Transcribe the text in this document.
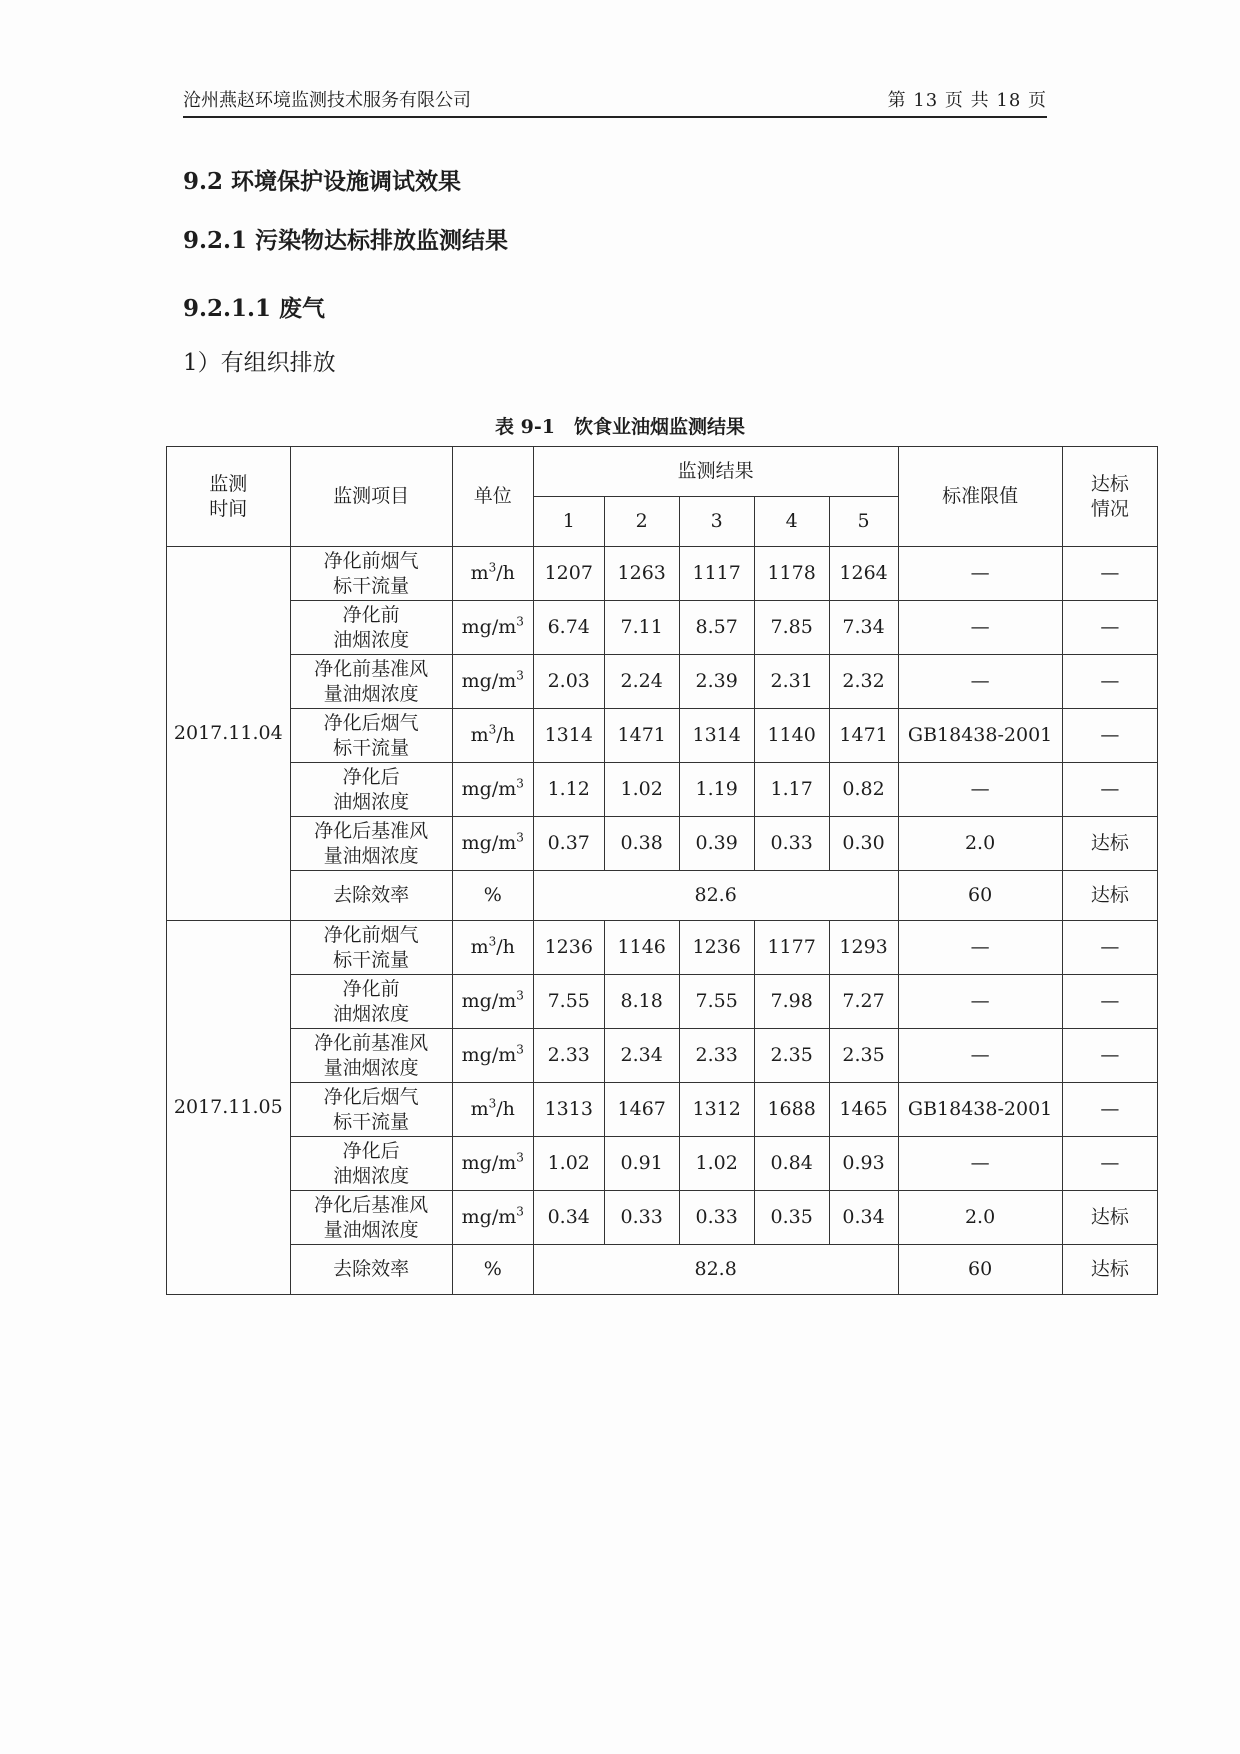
沧州燕赵环境监测技术服务有限公司	第 13 页 共 18 页
9.2 环境保护设施调试效果
9.2.1 污染物达标排放监测结果
9.2.1.1 废气
1）有组织排放
表 9-1　饮食业油烟监测结果
监测
时间	监测项目	单位	监测结果					标准限值	达标
情况
			1	2	3	4	5		
2017.11.04	净化前烟气
标干流量	$m^3/h$	1207	1263	1117	1178	1264	—	—
	净化前
油烟浓度	$mg/m^3$	6.74	7.11	8.57	7.85	7.34	—	—
	净化前基准风
量油烟浓度	$mg/m^3$	2.03	2.24	2.39	2.31	2.32	—	—
	净化后烟气
标干流量	$m^3/h$	1314	1471	1314	1140	1471	GB18438-2001	—
	净化后
油烟浓度	$mg/m^3$	1.12	1.02	1.19	1.17	0.82	—	—
	净化后基准风
量油烟浓度	$mg/m^3$	0.37	0.38	0.39	0.33	0.30	2.0	达标
	去除效率	%	82.6					60	达标
2017.11.05	净化前烟气
标干流量	$m^3/h$	1236	1146	1236	1177	1293	—	—
	净化前
油烟浓度	$mg/m^3$	7.55	8.18	7.55	7.98	7.27	—	—
	净化前基准风
量油烟浓度	$mg/m^3$	2.33	2.34	2.33	2.35	2.35	—	—
	净化后烟气
标干流量	$m^3/h$	1313	1467	1312	1688	1465	GB18438-2001	—
	净化后
油烟浓度	$mg/m^3$	1.02	0.91	1.02	0.84	0.93	—	—
	净化后基准风
量油烟浓度	$mg/m^3$	0.34	0.33	0.33	0.35	0.34	2.0	达标
	去除效率	%	82.8					60	达标
